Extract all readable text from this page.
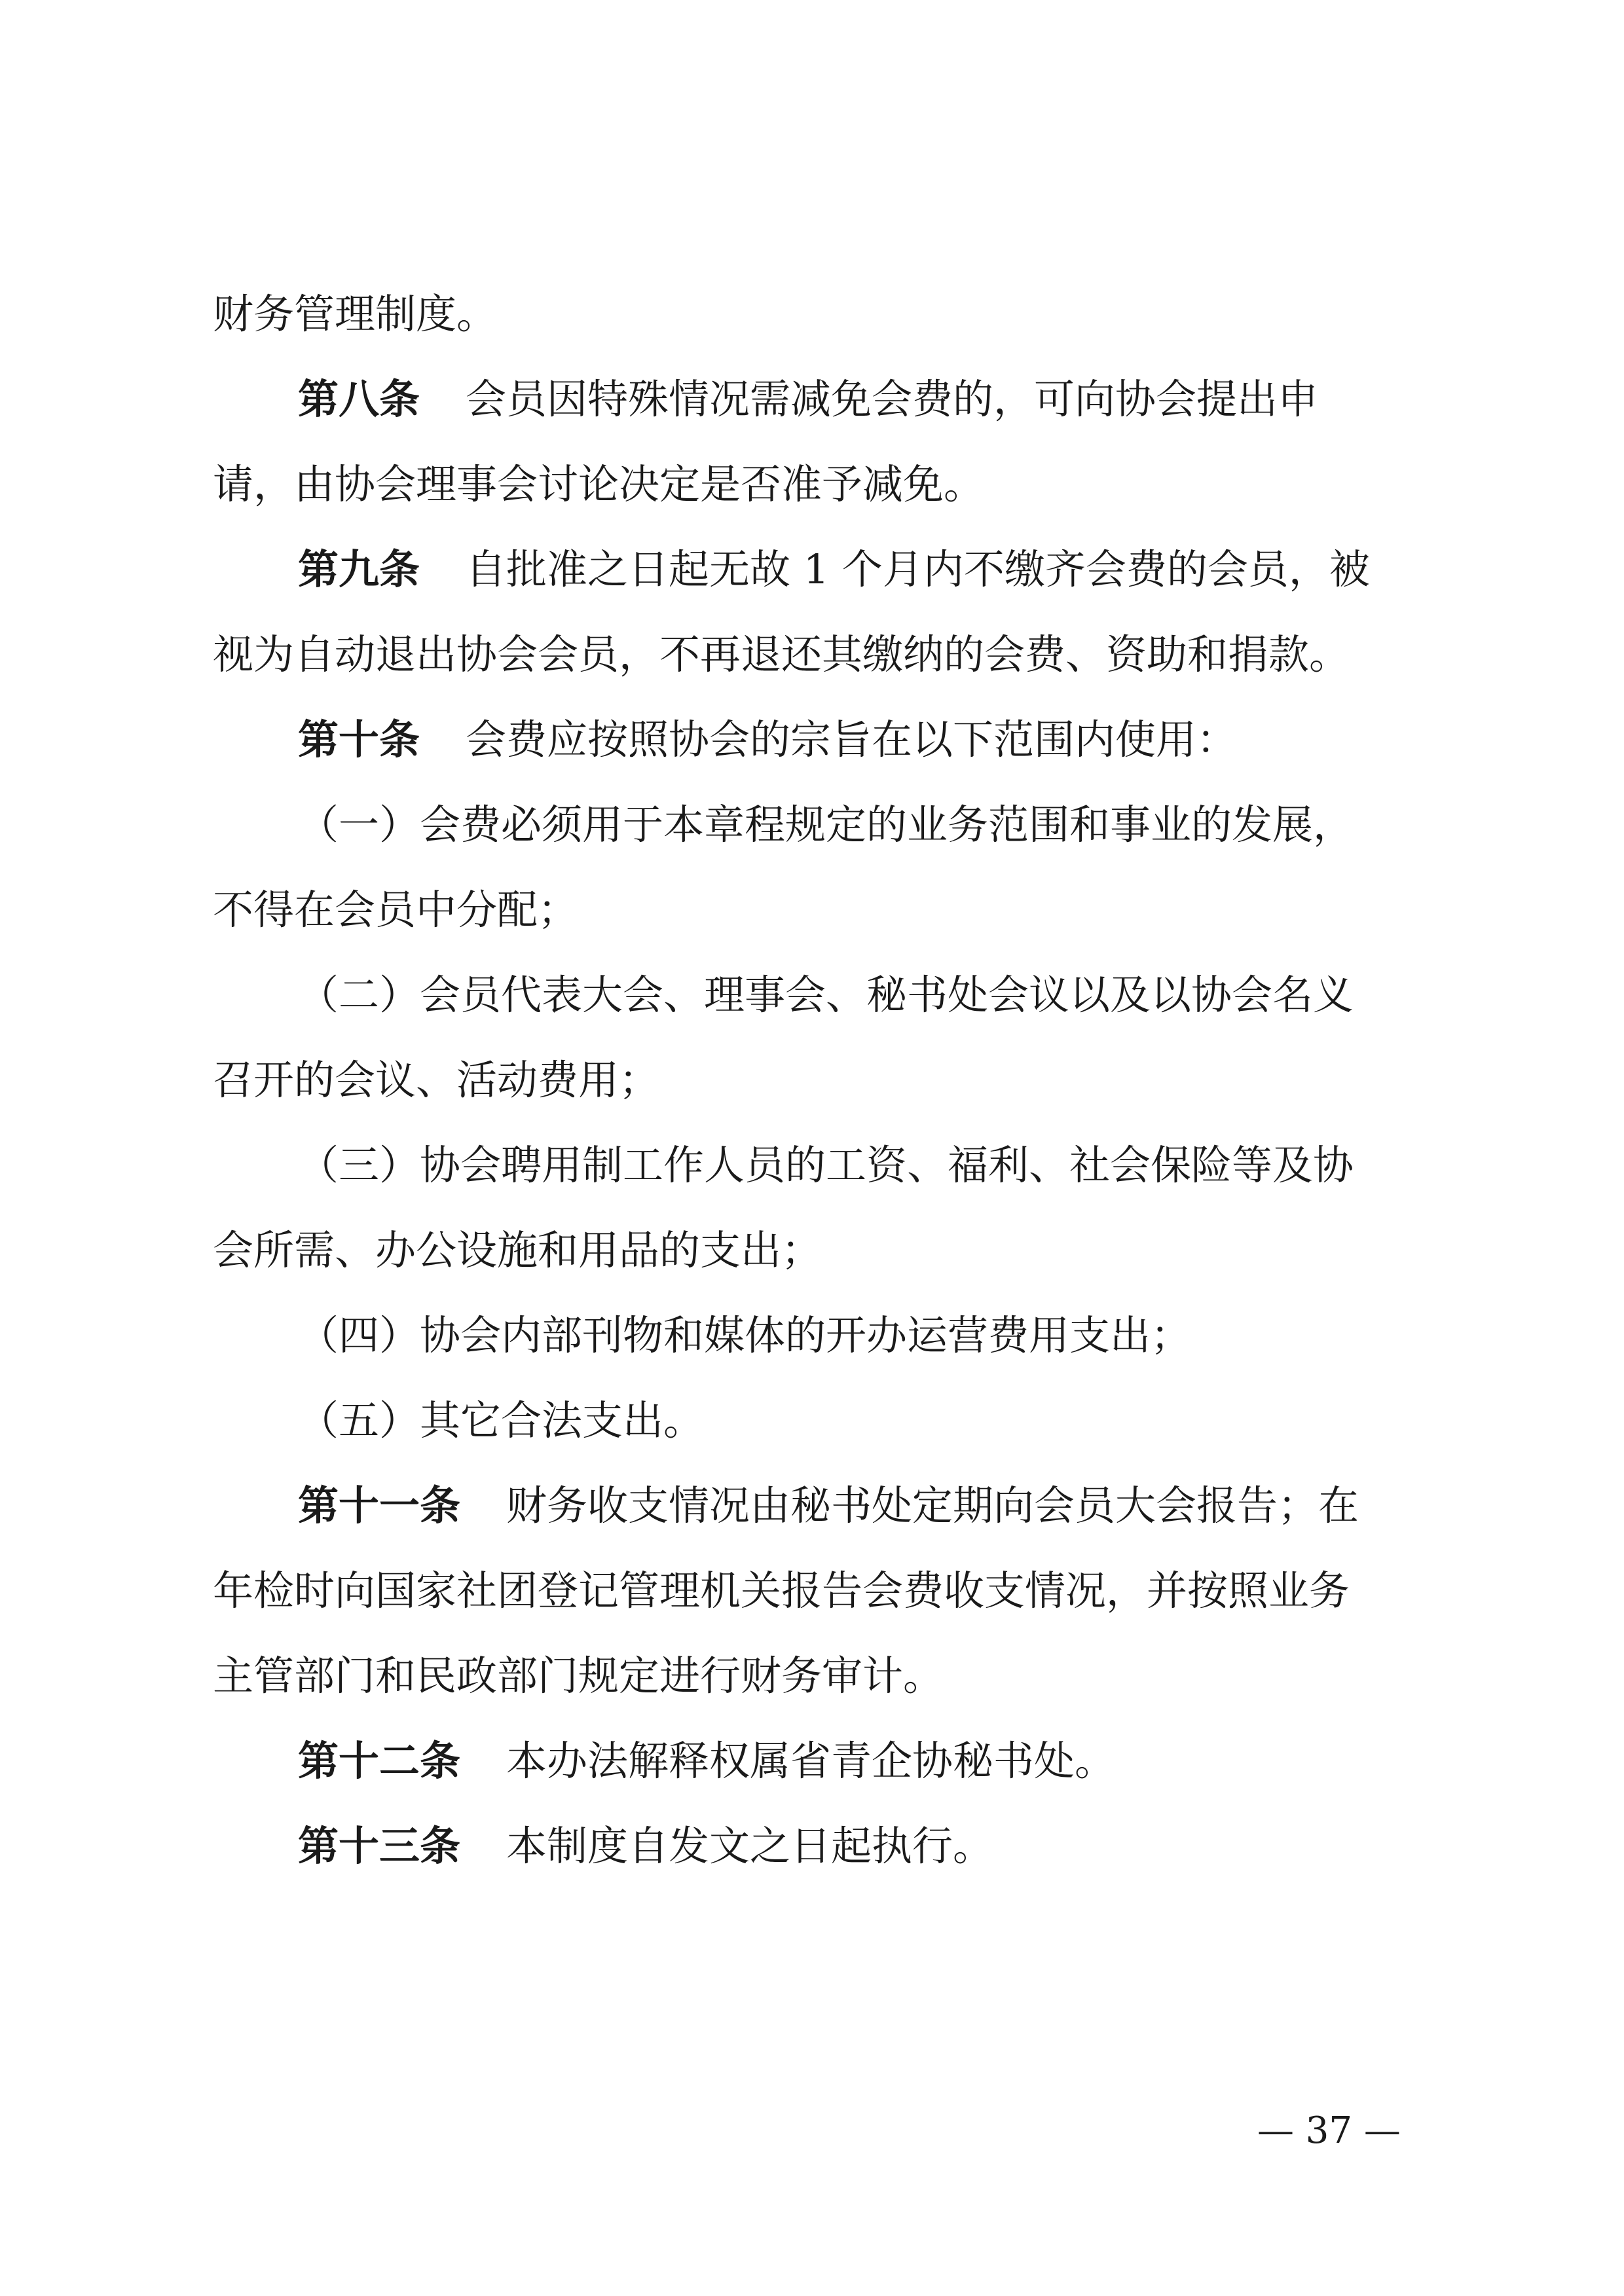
财务管理制度。
第八条 会员因特殊情况需减免会费的，可向协会提出申
请，由协会理事会讨论决定是否准予减免。
第九条 自批准之日起无故 1 个月内不缴齐会费的会员，被
视为自动退出协会会员，不再退还其缴纳的会费、资助和捐款。
第十条 会费应按照协会的宗旨在以下范围内使用：
（一）会费必须用于本章程规定的业务范围和事业的发展，
不得在会员中分配；
（二）会员代表大会、理事会、秘书处会议以及以协会名义
召开的会议、活动费用；
（三）协会聘用制工作人员的工资、福利、社会保险等及协
会所需、办公设施和用品的支出；
（四）协会内部刊物和媒体的开办运营费用支出；
（五）其它合法支出。
第十一条 财务收支情况由秘书处定期向会员大会报告；在
年检时向国家社团登记管理机关报告会费收支情况，并按照业务
主管部门和民政部门规定进行财务审计。
第十二条 本办法解释权属省青企协秘书处。
第十三条 本制度自发文之日起执行。
— 37 —
